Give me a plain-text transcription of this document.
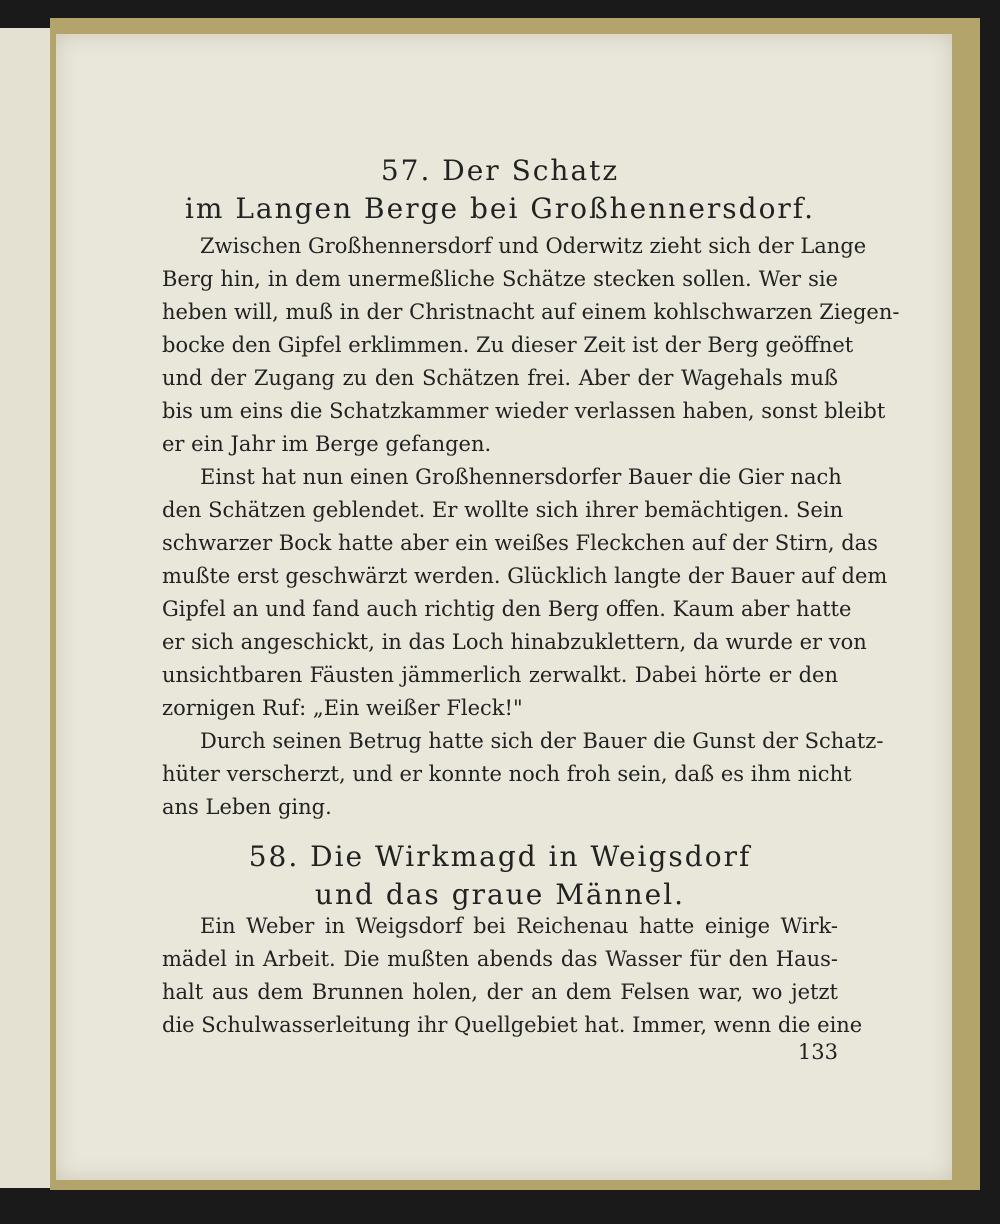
57. Der Schatz
im Langen Berge bei Großhennersdorf.
Zwischen Großhennersdorf und Oderwitz zieht sich der Lange
Berg hin, in dem unermeßliche Schätze stecken sollen. Wer sie
heben will, muß in der Christnacht auf einem kohlschwarzen Ziegen-
bocke den Gipfel erklimmen. Zu dieser Zeit ist der Berg geöffnet
und der Zugang zu den Schätzen frei. Aber der Wagehals muß
bis um eins die Schatzkammer wieder verlassen haben, sonst bleibt
er ein Jahr im Berge gefangen.
Einst hat nun einen Großhennersdorfer Bauer die Gier nach
den Schätzen geblendet. Er wollte sich ihrer bemächtigen. Sein
schwarzer Bock hatte aber ein weißes Fleckchen auf der Stirn, das
mußte erst geschwärzt werden. Glücklich langte der Bauer auf dem
Gipfel an und fand auch richtig den Berg offen. Kaum aber hatte
er sich angeschickt, in das Loch hinabzuklettern, da wurde er von
unsichtbaren Fäusten jämmerlich zerwalkt. Dabei hörte er den
zornigen Ruf: „Ein weißer Fleck!"
Durch seinen Betrug hatte sich der Bauer die Gunst der Schatz-
hüter verscherzt, und er konnte noch froh sein, daß es ihm nicht
ans Leben ging.
58. Die Wirkmagd in Weigsdorf
und das graue Männel.
Ein Weber in Weigsdorf bei Reichenau hatte einige Wirk-
mädel in Arbeit. Die mußten abends das Wasser für den Haus-
halt aus dem Brunnen holen, der an dem Felsen war, wo jetzt
die Schulwasserleitung ihr Quellgebiet hat. Immer, wenn die eine
133
